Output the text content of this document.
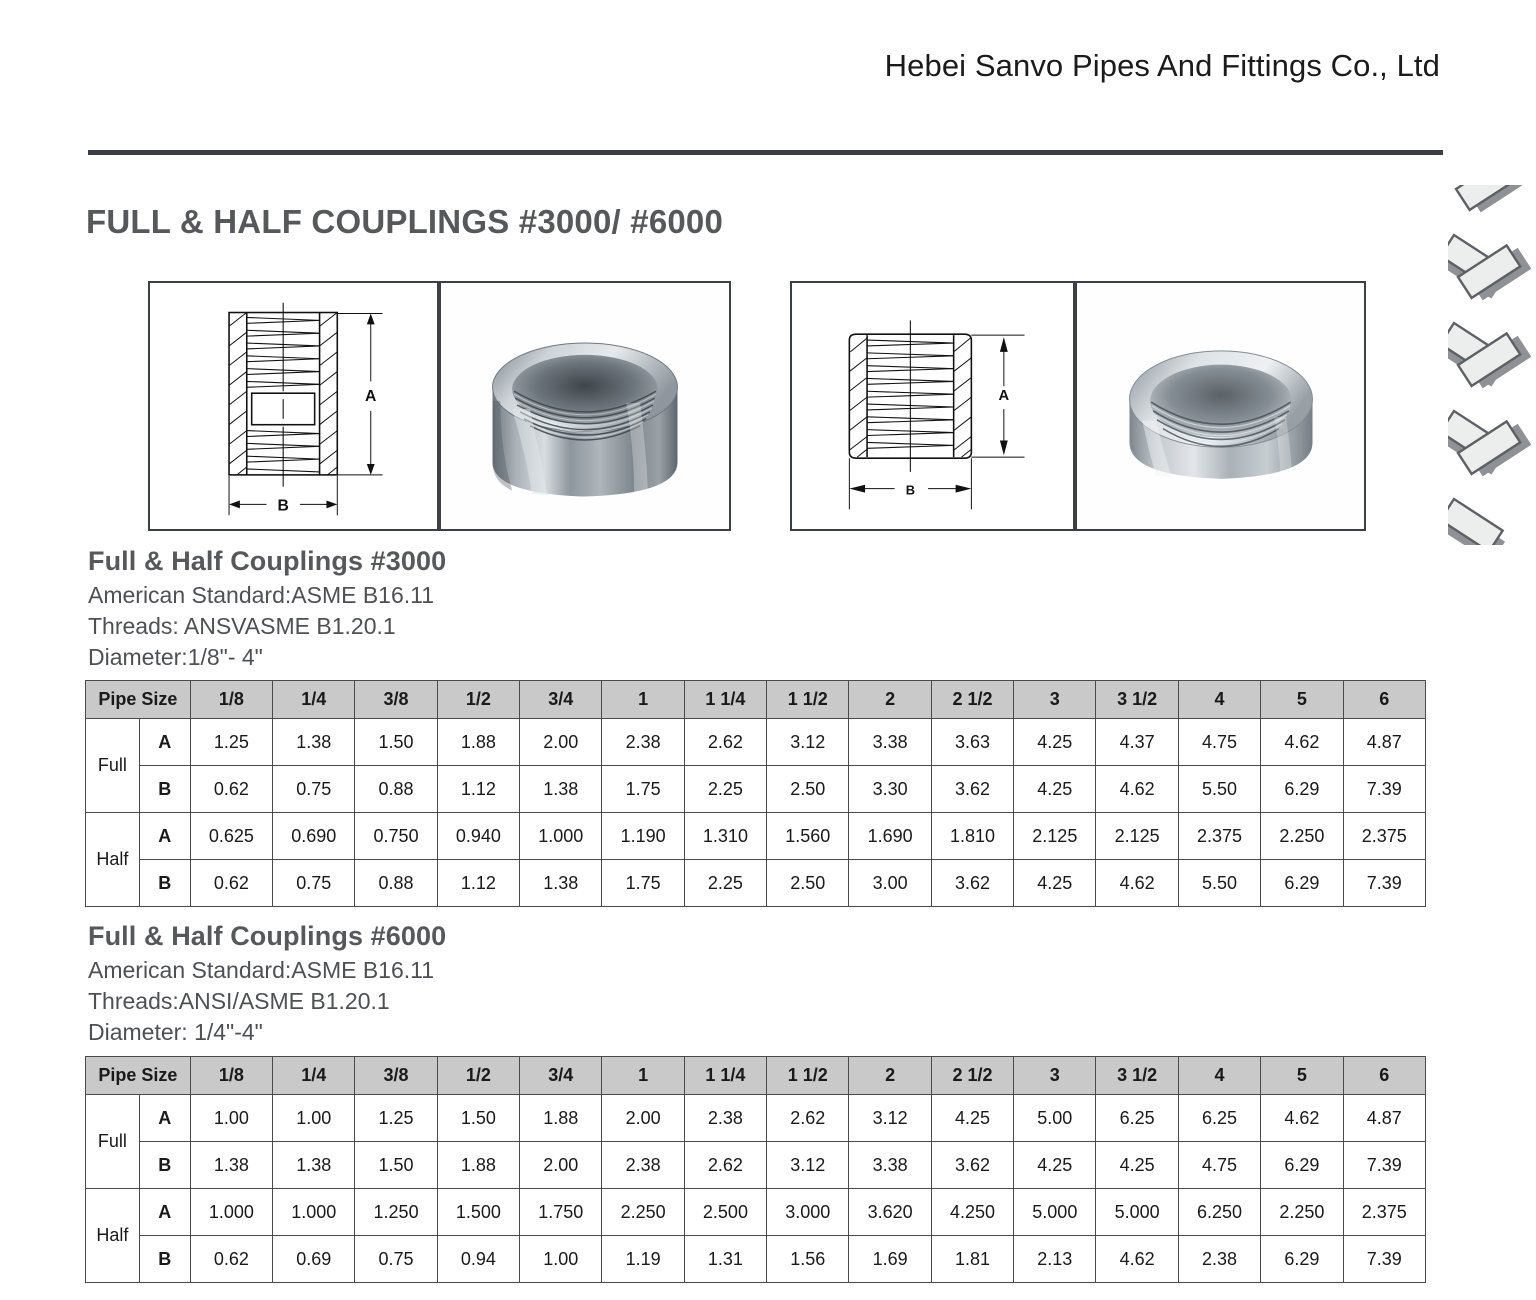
Hebei Sanvo Pipes And Fittings Co., Ltd
FULL & HALF COUPLINGS #3000/ #6000
A
B
A
B
Full & Half Couplings #3000
American Standard:ASME B16.11
Threads: ANSVASME B1.20.1
Diameter:1/8"- 4"
Pipe Size		1/8	1/4	3/8	1/2	3/4	1	1 1/4	1 1/2	2	2 1/2	3	3 1/2	4	5	6
Full	A	1.25	1.38	1.50	1.88	2.00	2.38	2.62	3.12	3.38	3.63	4.25	4.37	4.75	4.62	4.87
	B	0.62	0.75	0.88	1.12	1.38	1.75	2.25	2.50	3.30	3.62	4.25	4.62	5.50	6.29	7.39
Half	A	0.625	0.690	0.750	0.940	1.000	1.190	1.310	1.560	1.690	1.810	2.125	2.125	2.375	2.250	2.375
	B	0.62	0.75	0.88	1.12	1.38	1.75	2.25	2.50	3.00	3.62	4.25	4.62	5.50	6.29	7.39
Full & Half Couplings #6000
American Standard:ASME B16.11
Threads:ANSI/ASME B1.20.1
Diameter: 1/4"-4"
Pipe Size		1/8	1/4	3/8	1/2	3/4	1	1 1/4	1 1/2	2	2 1/2	3	3 1/2	4	5	6
Full	A	1.00	1.00	1.25	1.50	1.88	2.00	2.38	2.62	3.12	4.25	5.00	6.25	6.25	4.62	4.87
	B	1.38	1.38	1.50	1.88	2.00	2.38	2.62	3.12	3.38	3.62	4.25	4.25	4.75	6.29	7.39
Half	A	1.000	1.000	1.250	1.500	1.750	2.250	2.500	3.000	3.620	4.250	5.000	5.000	6.250	2.250	2.375
	B	0.62	0.69	0.75	0.94	1.00	1.19	1.31	1.56	1.69	1.81	2.13	4.62	2.38	6.29	7.39
